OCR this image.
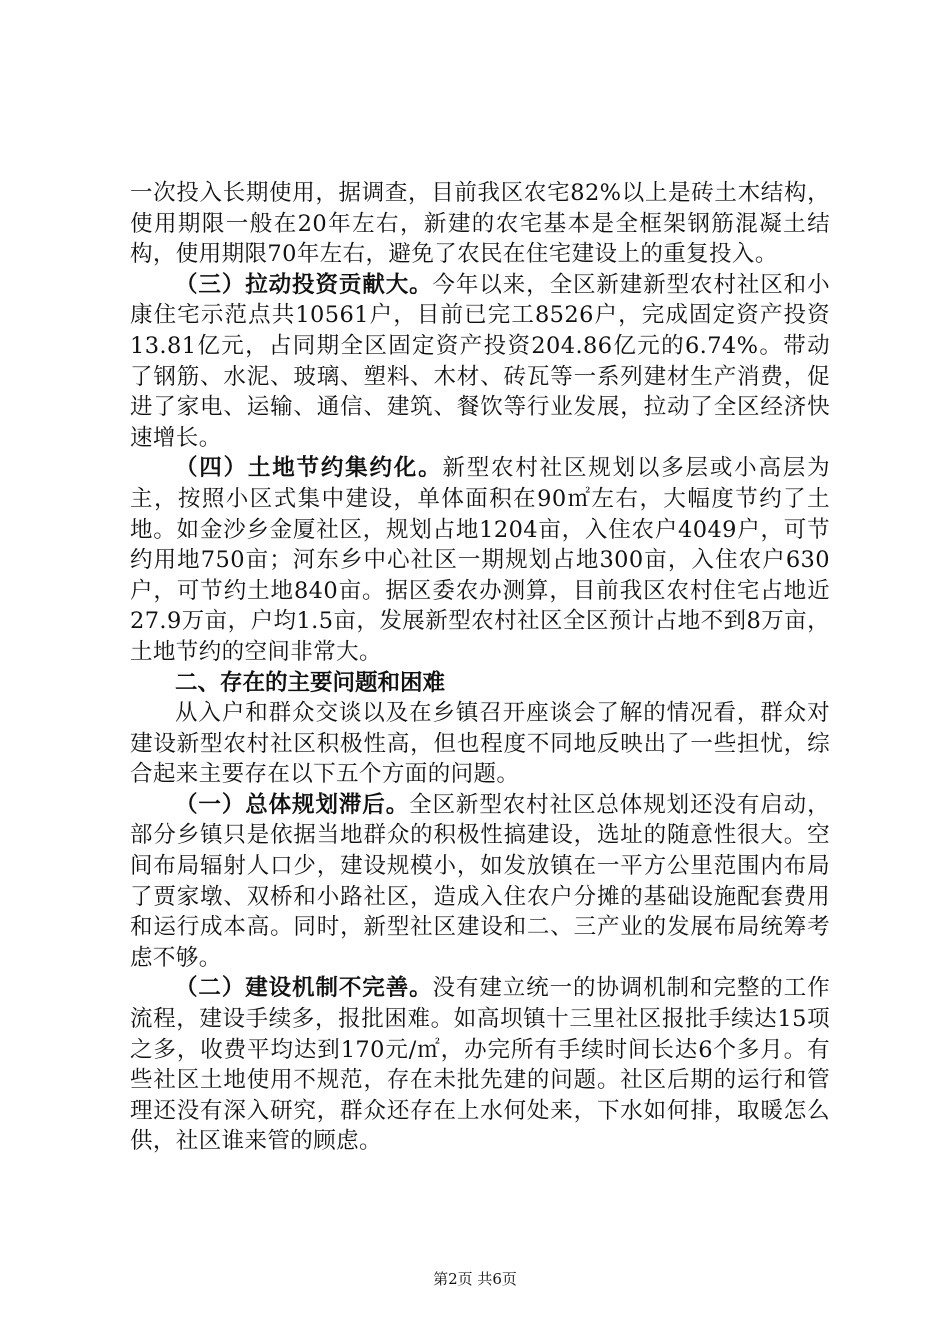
一次投入长期使用，据调查，目前我区农宅82%以上是砖土木结构，使用期限一般在20年左右，新建的农宅基本是全框架钢筋混凝土结构，使用期限70年左右，避免了农民在住宅建设上的重复投入。

（三）拉动投资贡献大。今年以来，全区新建新型农村社区和小康住宅示范点共10561户，目前已完工8526户，完成固定资产投资13.81亿元，占同期全区固定资产投资204.86亿元的6.74%。带动了钢筋、水泥、玻璃、塑料、木材、砖瓦等一系列建材生产消费，促进了家电、运输、通信、建筑、餐饮等行业发展，拉动了全区经济快速增长。

（四）土地节约集约化。新型农村社区规划以多层或小高层为主，按照小区式集中建设，单体面积在90㎡左右，大幅度节约了土地。如金沙乡金厦社区，规划占地1204亩，入住农户4049户，可节约用地750亩；河东乡中心社区一期规划占地300亩，入住农户630户，可节约土地840亩。据区委农办测算，目前我区农村住宅占地近27.9万亩，户均1.5亩，发展新型农村社区全区预计占地不到8万亩，土地节约的空间非常大。

二、存在的主要问题和困难

从入户和群众交谈以及在乡镇召开座谈会了解的情况看，群众对建设新型农村社区积极性高，但也程度不同地反映出了一些担忧，综合起来主要存在以下五个方面的问题。

（一）总体规划滞后。全区新型农村社区总体规划还没有启动，部分乡镇只是依据当地群众的积极性搞建设，选址的随意性很大。空间布局辐射人口少，建设规模小，如发放镇在一平方公里范围内布局了贾家墩、双桥和小路社区，造成入住农户分摊的基础设施配套费用和运行成本高。同时，新型社区建设和二、三产业的发展布局统筹考虑不够。

（二）建设机制不完善。没有建立统一的协调机制和完整的工作流程，建设手续多，报批困难。如高坝镇十三里社区报批手续达15项之多，收费平均达到170元/㎡，办完所有手续时间长达6个多月。有些社区土地使用不规范，存在未批先建的问题。社区后期的运行和管理还没有深入研究，群众还存在上水何处来，下水如何排，取暖怎么供，社区谁来管的顾虑。

第2页 共6页
